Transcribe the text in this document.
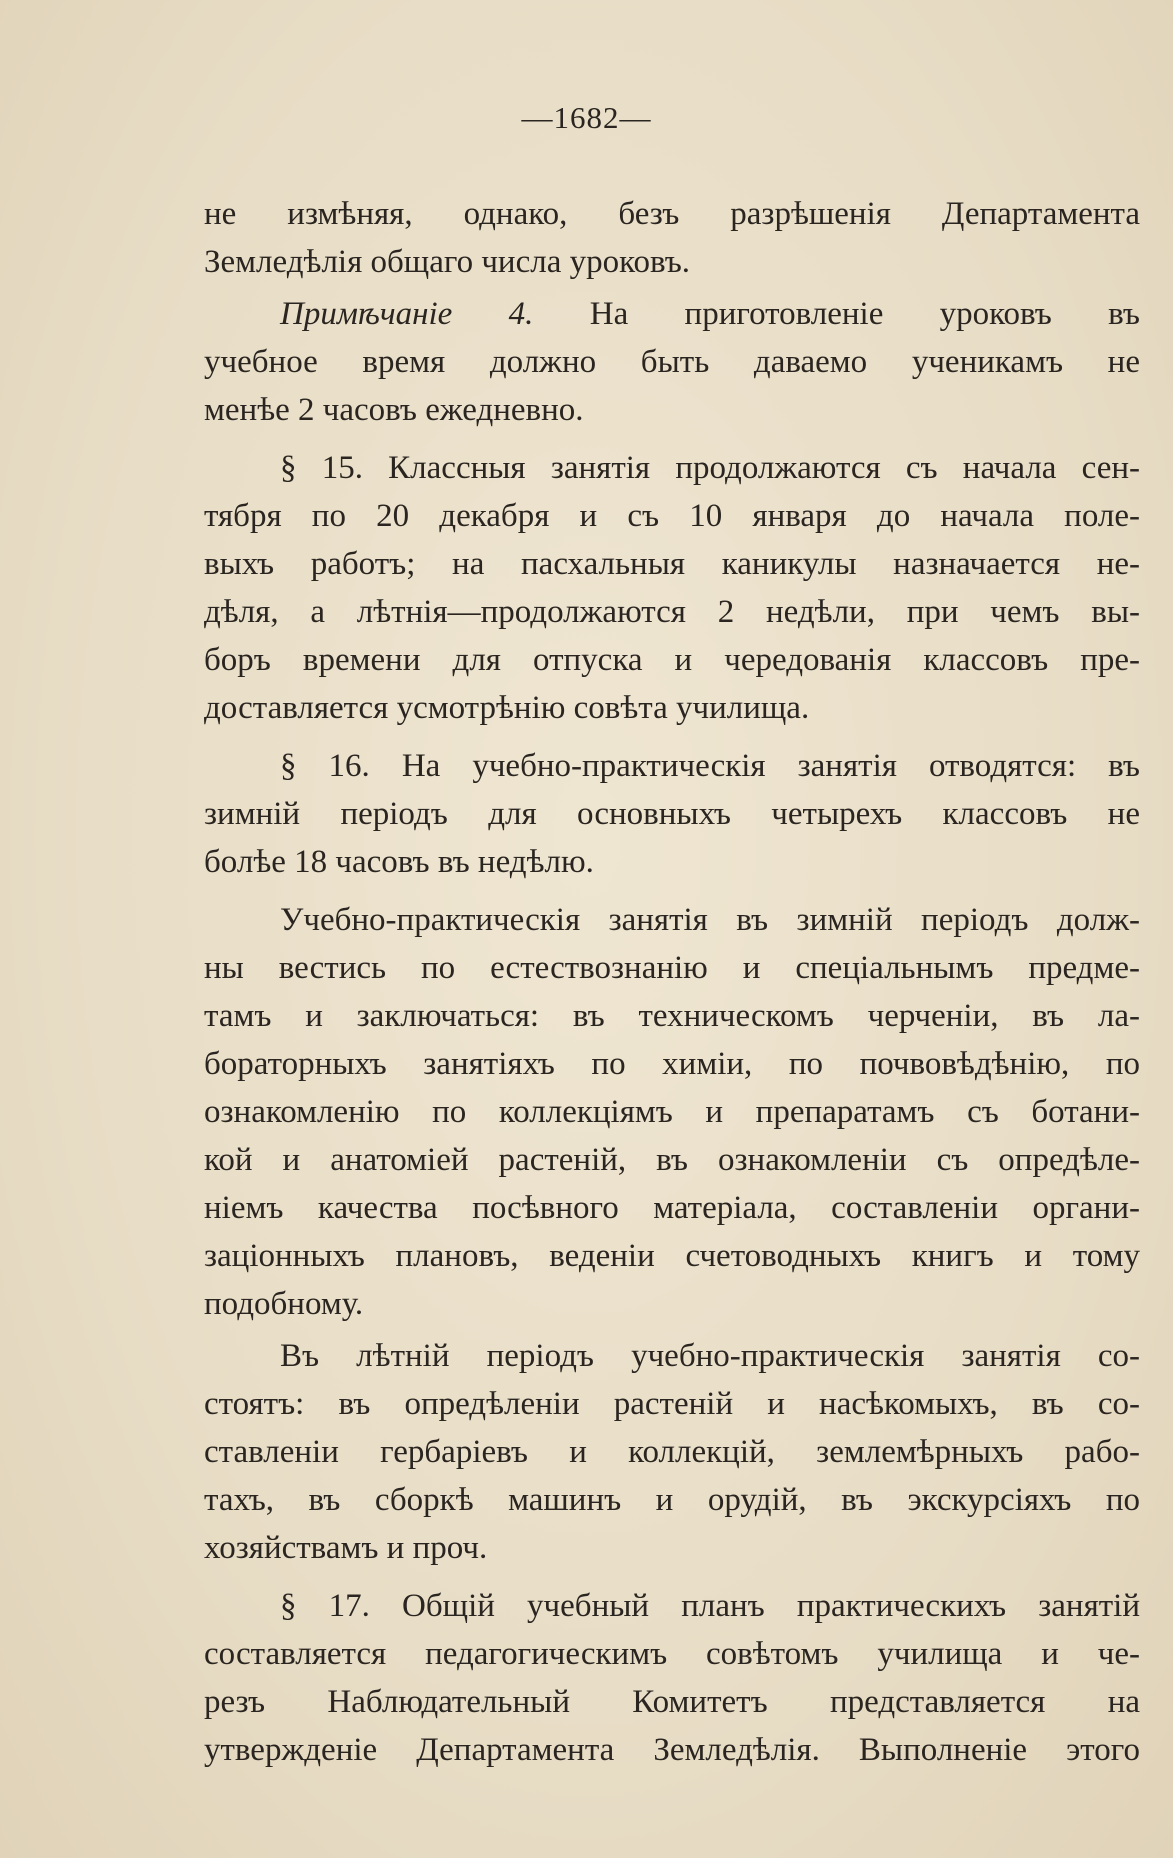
—1682—
не измѣняя, однако, безъ разрѣшенія Департамента
Земледѣлія общаго числа уроковъ.
Примѣчаніе 4. На приготовленіе уроковъ въ
учебное время должно быть даваемо ученикамъ не
менѣе 2 часовъ ежедневно.
§ 15. Классныя занятія продолжаются съ начала сен-
тября по 20 декабря и съ 10 января до начала поле-
выхъ работъ; на пасхальныя каникулы назначается не-
дѣля, а лѣтнія—продолжаются 2 недѣли, при чемъ вы-
боръ времени для отпуска и чередованія классовъ пре-
доставляется усмотрѣнію совѣта училища.
§ 16. На учебно-практическія занятія отводятся: въ
зимній періодъ для основныхъ четырехъ классовъ не
болѣе 18 часовъ въ недѣлю.
Учебно-практическія занятія въ зимній періодъ долж-
ны вестись по естествознанію и спеціальнымъ предме-
тамъ и заключаться: въ техническомъ черченіи, въ ла-
бораторныхъ занятіяхъ по химіи, по почвовѣдѣнію, по
ознакомленію по коллекціямъ и препаратамъ съ ботани-
кой и анатоміей растеній, въ ознакомленіи съ опредѣле-
ніемъ качества посѣвного матеріала, составленіи органи-
заціонныхъ плановъ, веденіи счетоводныхъ книгъ и тому
подобному.
Въ лѣтній періодъ учебно-практическія занятія со-
стоятъ: въ опредѣленіи растеній и насѣкомыхъ, въ со-
ставленіи гербаріевъ и коллекцій, землемѣрныхъ рабо-
тахъ, въ сборкѣ машинъ и орудій, въ экскурсіяхъ по
хозяйствамъ и проч.
§ 17. Общій учебный планъ практическихъ занятій
составляется педагогическимъ совѣтомъ училища и че-
резъ Наблюдательный Комитетъ представляется на
утвержденіе Департамента Земледѣлія. Выполненіе этого
